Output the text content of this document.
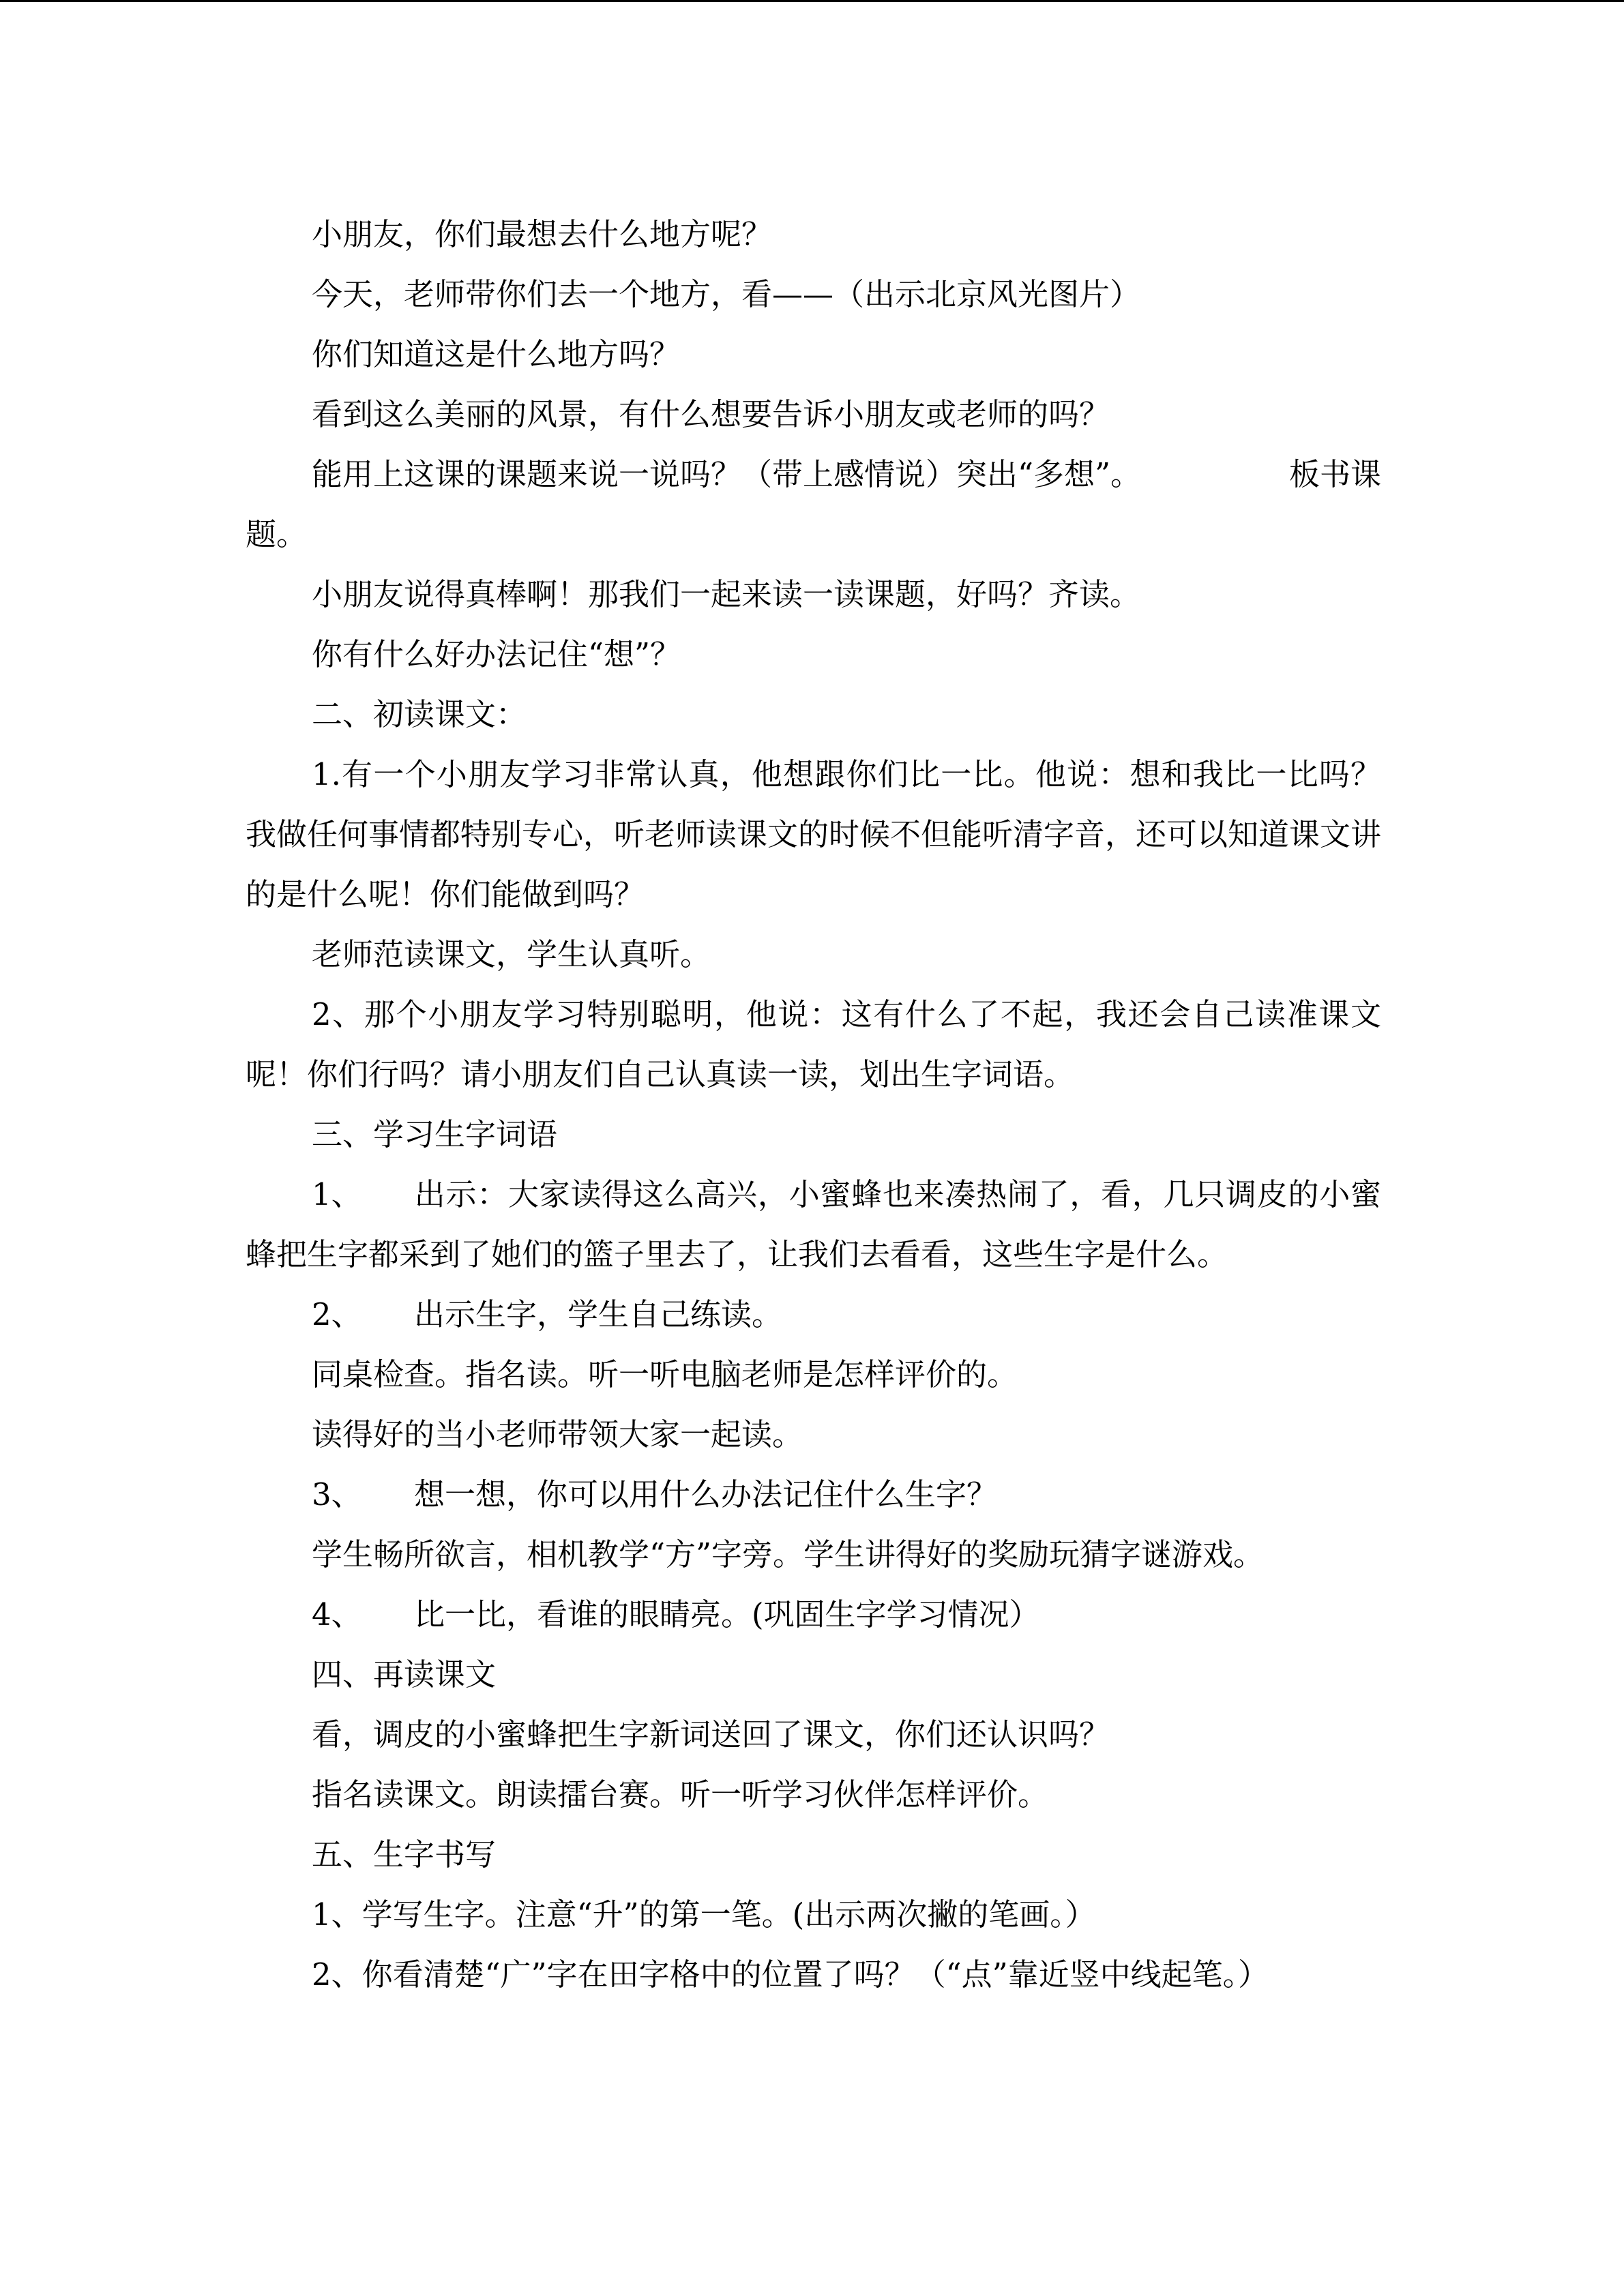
小朋友，你们最想去什么地方呢？

今天，老师带你们去一个地方，看——（出示北京风光图片）

你们知道这是什么地方吗？

看到这么美丽的风景，有什么想要告诉小朋友或老师的吗？

能用上这课的课题来说一说吗？（带上感情说）突出“多想”。	板书课

题。

小朋友说得真棒啊！那我们一起来读一读课题，好吗？齐读。

你有什么好办法记住“想”？

二、初读课文：

1.有一个小朋友学习非常认真，他想跟你们比一比。他说：想和我比一比吗？我做任何事情都特别专心，听老师读课文的时候不但能听清字音，还可以知道课文讲的是什么呢！你们能做到吗？

老师范读课文，学生认真听。

2、那个小朋友学习特别聪明，他说：这有什么了不起，我还会自己读准课文呢！你们行吗？请小朋友们自己认真读一读，划出生字词语。

三、学习生字词语

1、 出示：大家读得这么高兴，小蜜蜂也来凑热闹了，看，几只调皮的小蜜蜂把生字都采到了她们的篮子里去了，让我们去看看，这些生字是什么。

2、 出示生字，学生自己练读。

同桌检查。指名读。听一听电脑老师是怎样评价的。

读得好的当小老师带领大家一起读。

3、 想一想，你可以用什么办法记住什么生字？

学生畅所欲言，相机教学“方”字旁。学生讲得好的奖励玩猜字谜游戏。

4、 比一比，看谁的眼睛亮。(巩固生字学习情况）

四、再读课文

看，调皮的小蜜蜂把生字新词送回了课文，你们还认识吗？

指名读课文。朗读擂台赛。听一听学习伙伴怎样评价。

五、生字书写

1、学写生字。注意“升”的第一笔。(出示两次撇的笔画。）

2、你看清楚“广”字在田字格中的位置了吗？（“点”靠近竖中线起笔。）
